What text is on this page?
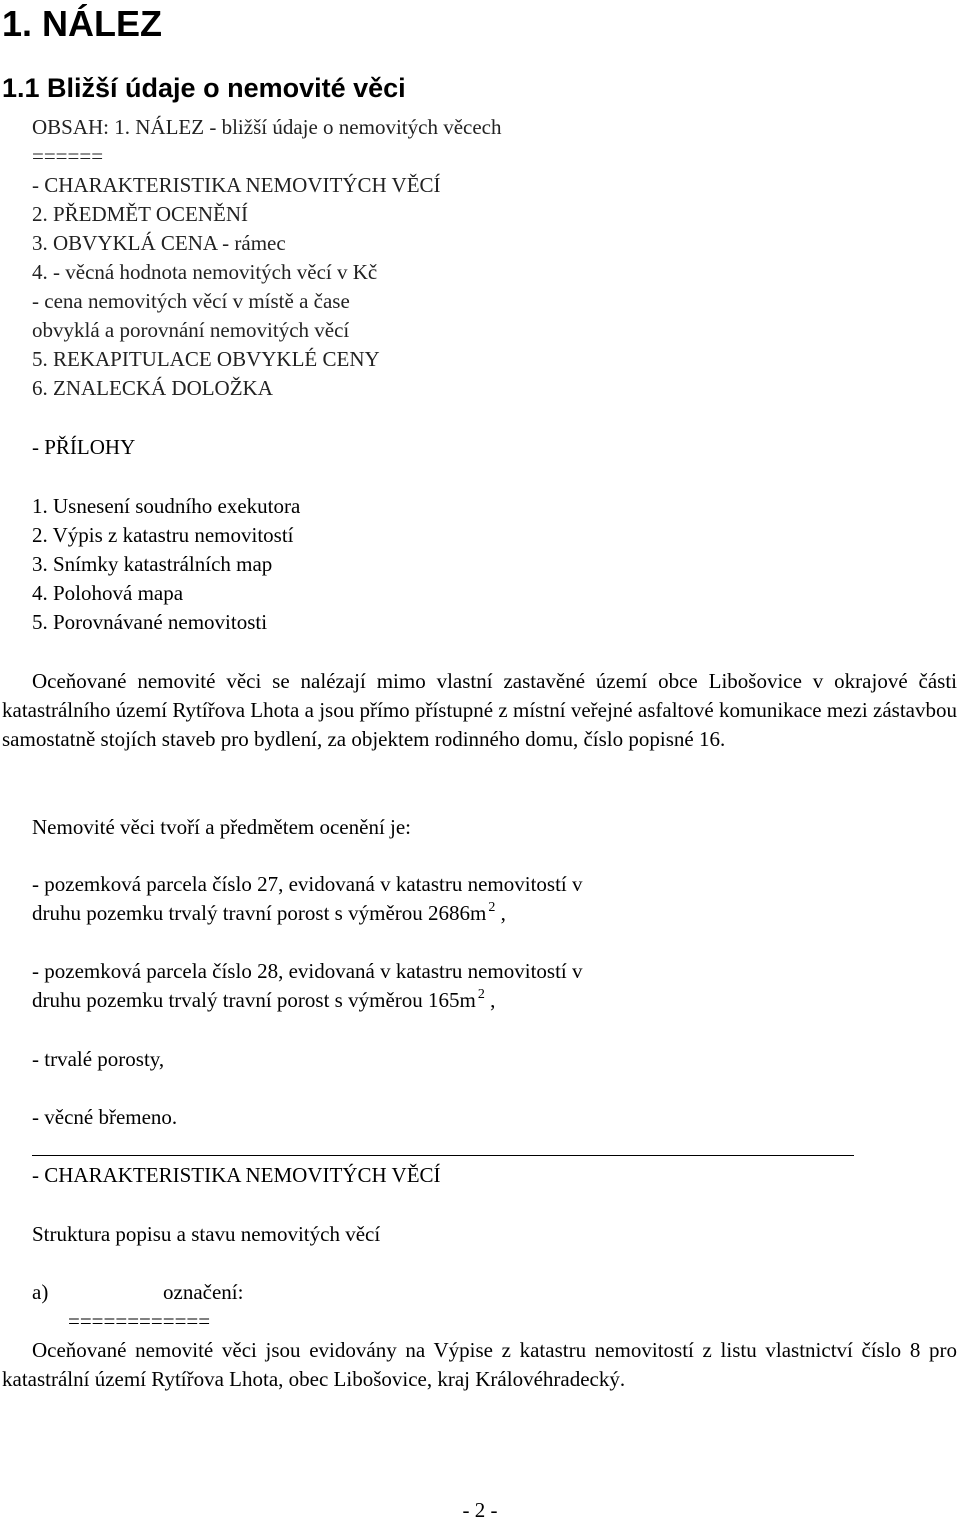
1. NÁLEZ
1.1 Bližší údaje o nemovité věci
OBSAH: 1. NÁLEZ - bližší údaje o nemovitých věcech
======
- CHARAKTERISTIKA NEMOVITÝCH VĚCÍ
2. PŘEDMĚT OCENĚNÍ
3. OBVYKLÁ CENA - rámec
4. - věcná hodnota nemovitých věcí v Kč
- cena nemovitých věcí v místě a čase
obvyklá a porovnání nemovitých věcí
5. REKAPITULACE OBVYKLÉ CENY
6. ZNALECKÁ DOLOŽKA
- PŘÍLOHY
1. Usnesení soudního exekutora
2. Výpis z katastru nemovitostí
3. Snímky katastrálních map
4. Polohová mapa
5. Porovnávané nemovitosti

Oceňované nemovité věci se nalézají mimo vlastní zastavěné území obce Libošovice v okrajové části katastrálního území Rytířova Lhota a jsou přímo přístupné z místní veřejné asfaltové komunikace mezi zástavbou samostatně stojích staveb pro bydlení, za objektem rodinného domu, číslo popisné 16.

Nemovité věci tvoří a předmětem ocenění je:
- pozemková parcela číslo 27, evidovaná v katastru nemovitostí v
druhu pozemku trvalý travní porost s výměrou 2686m $^2$ ,
- pozemková parcela číslo 28, evidovaná v katastru nemovitostí v
druhu pozemku trvalý travní porost s výměrou 165m $^2$ ,
- trvalé porosty,
- věcné břemeno.
- CHARAKTERISTIKA NEMOVITÝCH VĚCÍ
Struktura popisu a stavu nemovitých věcí
a)	označení:
============

Oceňované nemovité věci jsou evidovány na Výpise z katastru nemovitostí z listu vlastnictví číslo 8 pro katastrální území Rytířova Lhota, obec Libošovice, kraj Královéhradecký.

- 2 -
